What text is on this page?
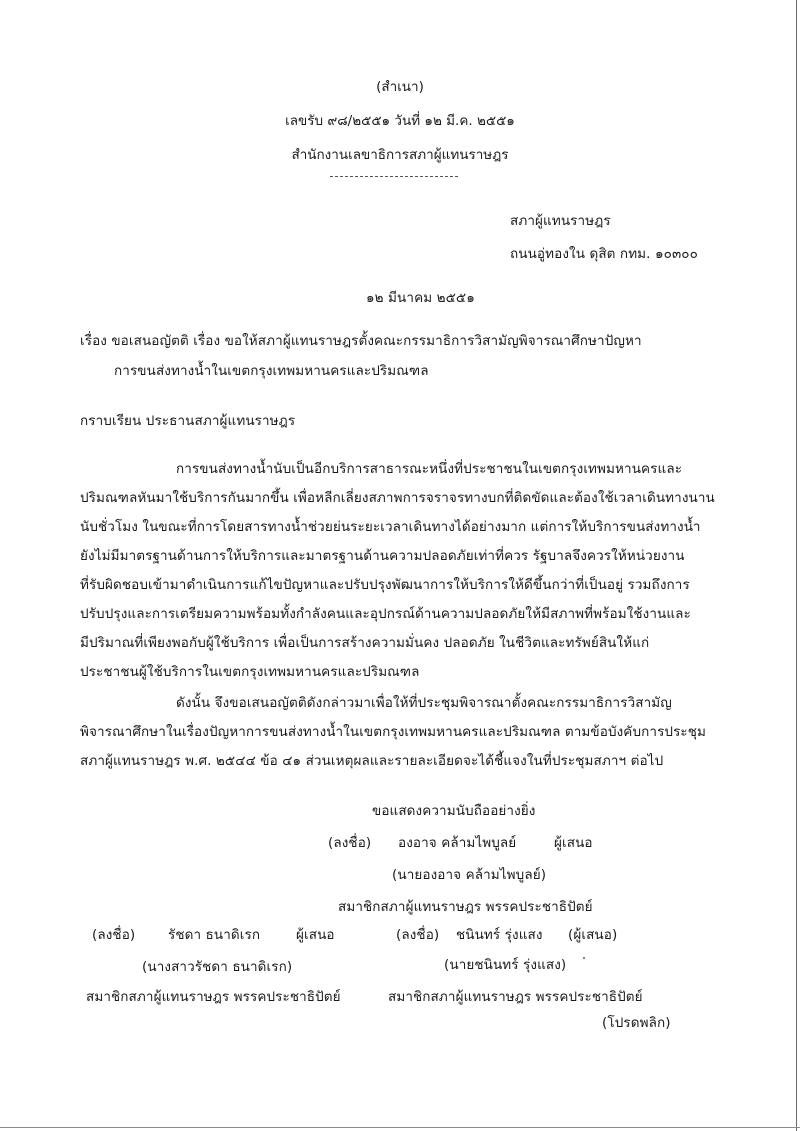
(สำเนา)
เลขรับ ๙๘/๒๕๕๑ วันที่ ๑๒ มี.ค. ๒๕๕๑
สำนักงานเลขาธิการสภาผู้แทนราษฎร
สภาผู้แทนราษฎร
ถนนอู่ทองใน ดุสิต กทม. ๑๐๓๐๐
๑๒ มีนาคม ๒๕๕๑
เรื่อง ขอเสนอญัตติ เรื่อง ขอให้สภาผู้แทนราษฎรตั้งคณะกรรมาธิการวิสามัญพิจารณาศึกษาปัญหา
การขนส่งทางน้ำในเขตกรุงเทพมหานครและปริมณฑล
กราบเรียน ประธานสภาผู้แทนราษฎร
การขนส่งทางน้ำนับเป็นอีกบริการสาธารณะหนึ่งที่ประชาชนในเขตกรุงเทพมหานครและ
ปริมณฑลหันมาใช้บริการกันมากขึ้น เพื่อหลีกเลี่ยงสภาพการจราจรทางบกที่ติดขัดและต้องใช้เวลาเดินทางนาน
นับชั่วโมง ในขณะที่การโดยสารทางน้ำช่วยย่นระยะเวลาเดินทางได้อย่างมาก แต่การให้บริการขนส่งทางน้ำ
ยังไม่มีมาตรฐานด้านการให้บริการและมาตรฐานด้านความปลอดภัยเท่าที่ควร รัฐบาลจึงควรให้หน่วยงาน
ที่รับผิดชอบเข้ามาดำเนินการแก้ไขปัญหาและปรับปรุงพัฒนาการให้บริการให้ดีขึ้นกว่าที่เป็นอยู่ รวมถึงการ
ปรับปรุงและการเตรียมความพร้อมทั้งกำลังคนและอุปกรณ์ด้านความปลอดภัยให้มีสภาพที่พร้อมใช้งานและ
มีปริมาณที่เพียงพอกับผู้ใช้บริการ เพื่อเป็นการสร้างความมั่นคง ปลอดภัย ในชีวิตและทรัพย์สินให้แก่
ประชาชนผู้ใช้บริการในเขตกรุงเทพมหานครและปริมณฑล
ดังนั้น จึงขอเสนอญัตติดังกล่าวมาเพื่อให้ที่ประชุมพิจารณาตั้งคณะกรรมาธิการวิสามัญ
พิจารณาศึกษาในเรื่องปัญหาการขนส่งทางน้ำในเขตกรุงเทพมหานครและปริมณฑล ตามข้อบังคับการประชุม
สภาผู้แทนราษฎร พ.ศ. ๒๕๔๔ ข้อ ๔๑ ส่วนเหตุผลและรายละเอียดจะได้ชี้แจงในที่ประชุมสภาฯ ต่อไป
ขอแสดงความนับถืออย่างยิ่ง
(ลงชื่อ) องอาจ คล้ามไพบูลย์	ผู้เสนอ
(นายองอาจ คล้ามไพบูลย์)
สมาชิกสภาผู้แทนราษฎร พรรคประชาธิปัตย์
(ลงชื่อ) รัชดา ธนาดิเรก	ผู้เสนอ
(นางสาวรัชดา ธนาดิเรก)
สมาชิกสภาผู้แทนราษฎร พรรคประชาธิปัตย์
(ลงชื่อ) ชนินทร์ รุ่งแสง (ผู้เสนอ)
(นายชนินทร์ รุ่งแสง)
สมาชิกสภาผู้แทนราษฎร พรรคประชาธิปัตย์
(โปรดพลิก)
